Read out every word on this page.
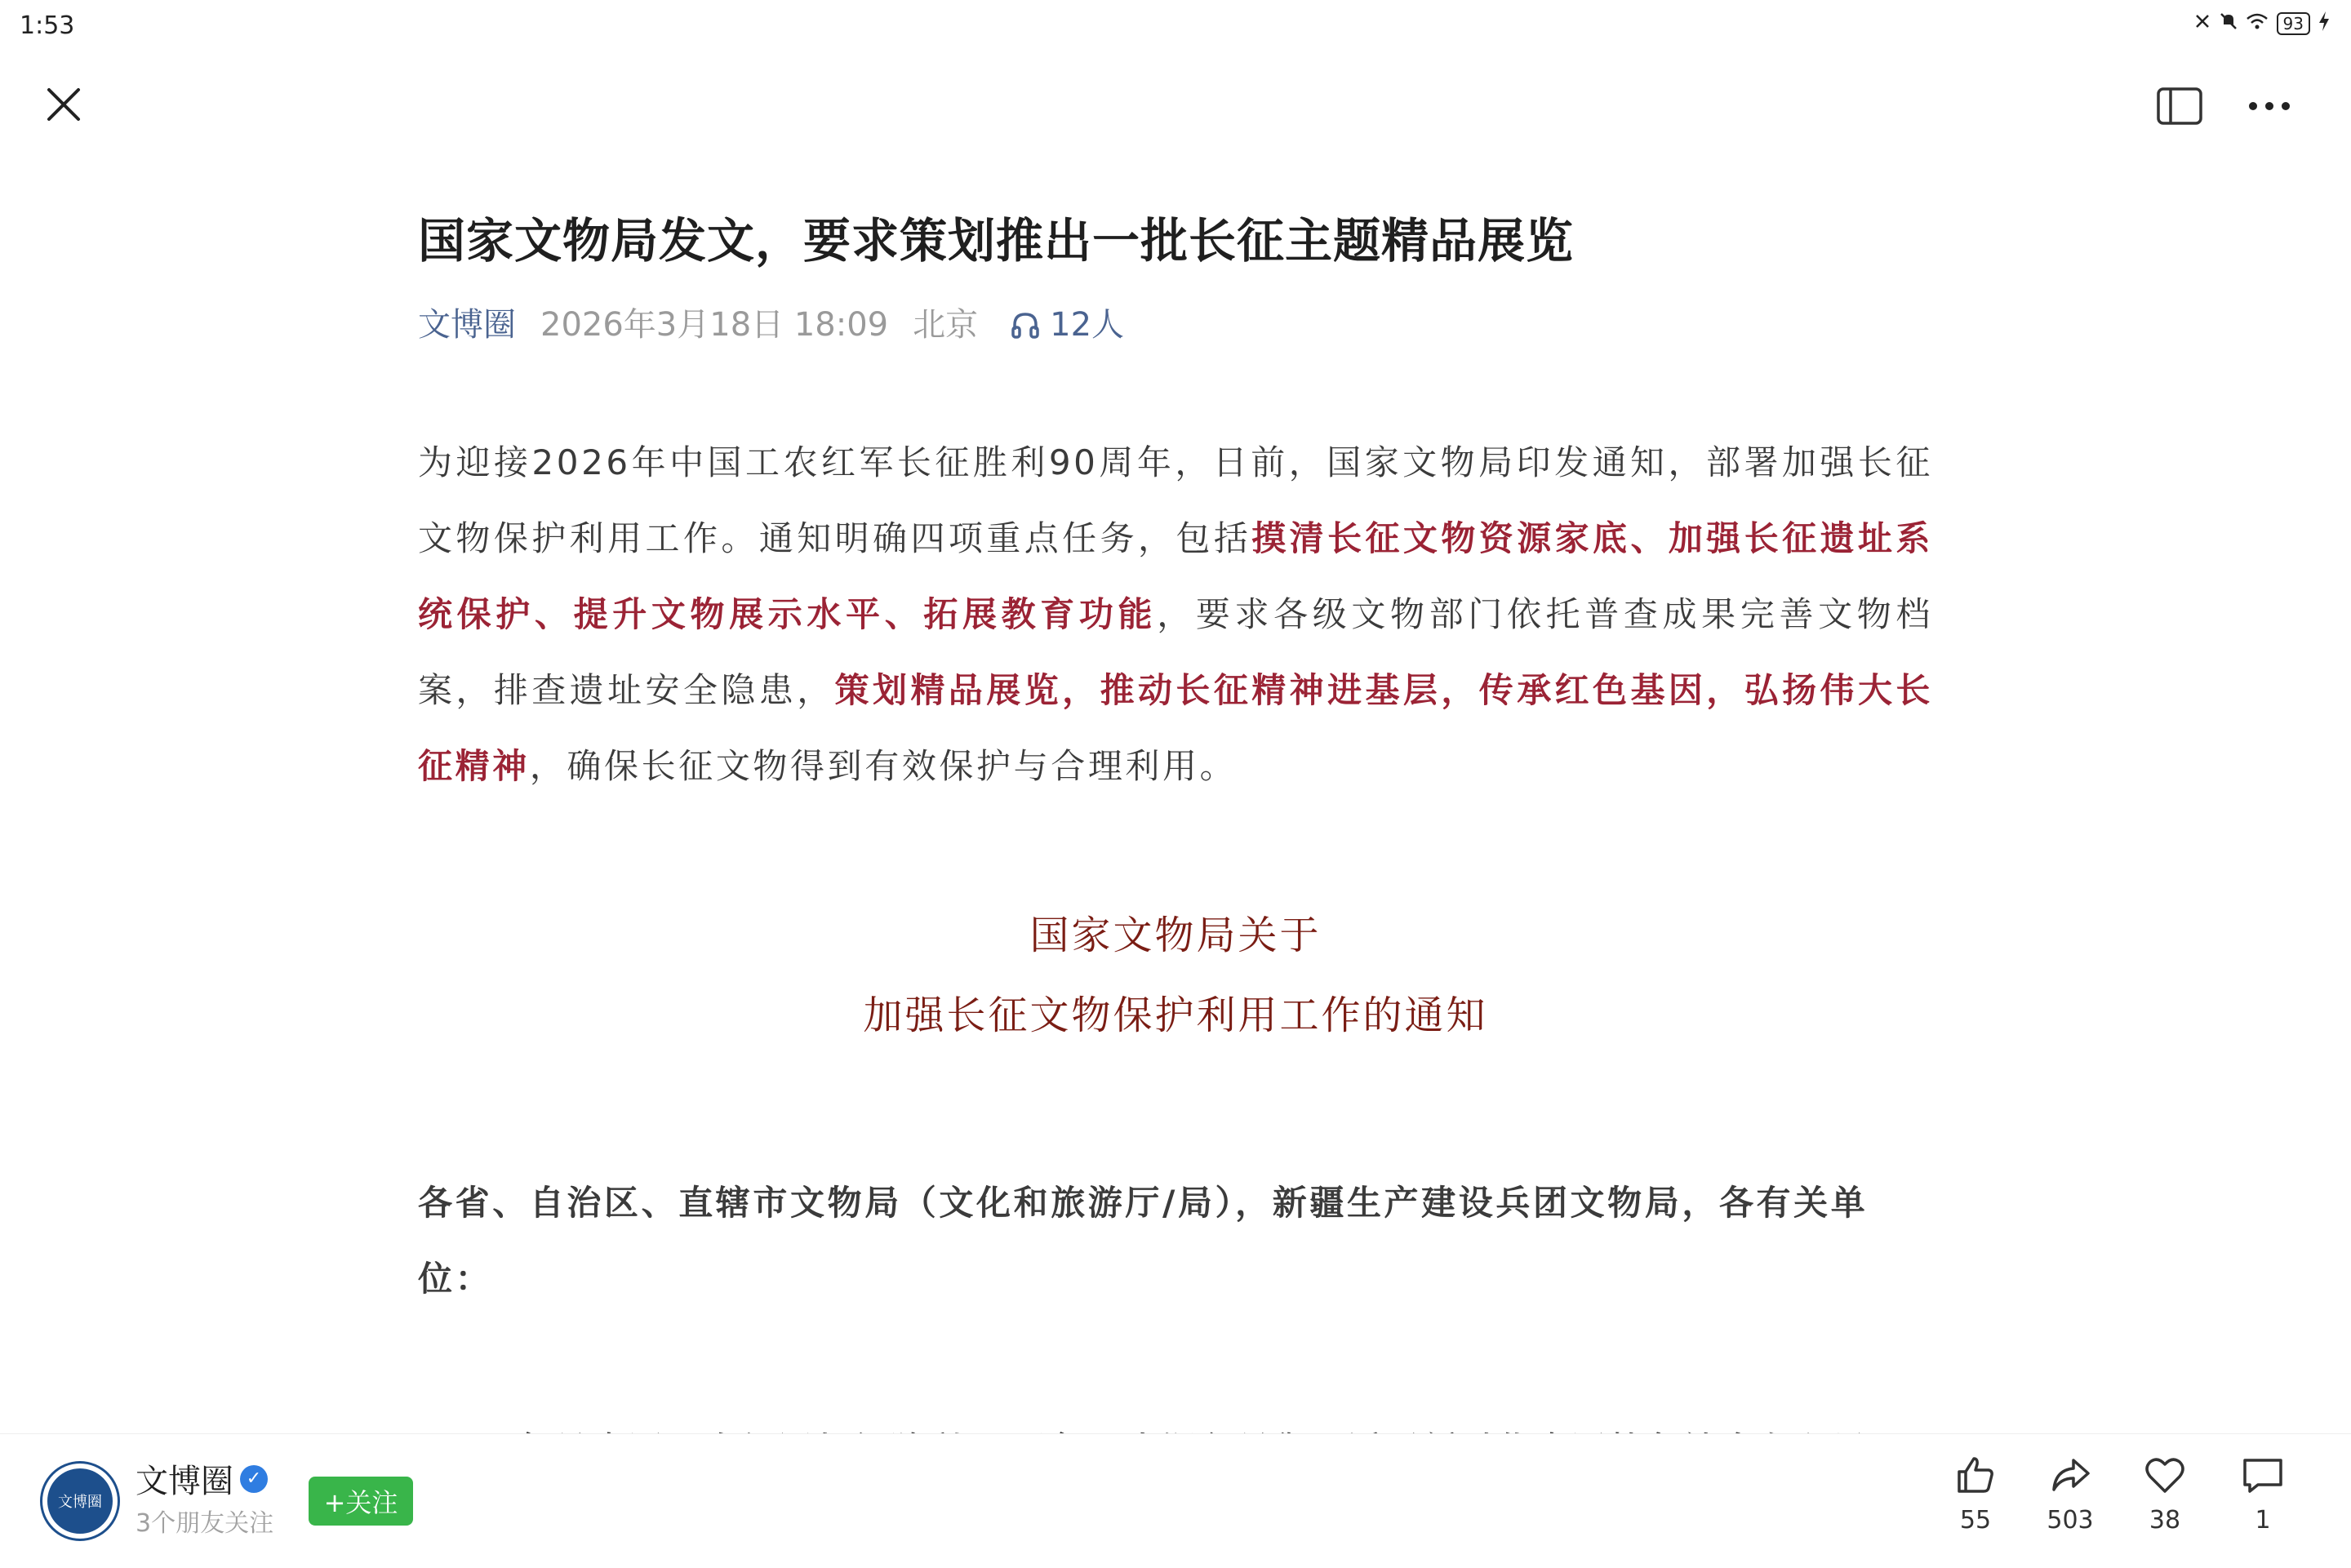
1:53	93
国家文物局发文，要求策划推出一批长征主题精品展览
文博圈 2026年3月18日 18:09 北京 12人
为迎接2026年中国工农红军长征胜利90周年，日前，国家文物局印发通知，部署加强长征文物保护利用工作。通知明确四项重点任务，包括摸清长征文物资源家底、加强长征遗址系统保护、提升文物展示水平、拓展教育功能，要求各级文物部门依托普查成果完善文物档案，排查遗址安全隐患，策划精品展览，推动长征精神进基层，传承红色基因，弘扬伟大长征精神，确保长征文物得到有效保护与合理利用。
国家文物局关于
加强长征文物保护利用工作的通知
各省、自治区、直辖市文物局（文化和旅游厅/局），新疆生产建设兵团文物局，各有关单位：
文博圈
文博圈 ✓
3个朋友关注
+关注
55	503	38	1
